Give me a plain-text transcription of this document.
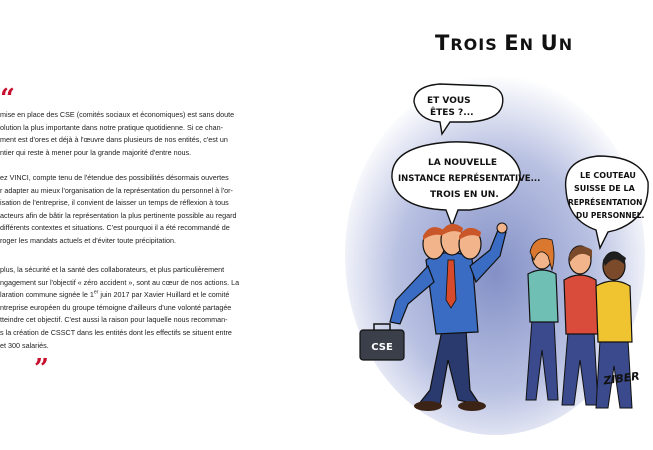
“

mise en place des CSE (comités sociaux et économiques) est sans doute
olution la plus importante dans notre pratique quotidienne. Si ce chan-
ment est d'ores et déjà à l'œuvre dans plusieurs de nos entités, c'est un
ntier qui reste à mener pour la grande majorité d'entre nous.

ez VINCI, compte tenu de l'étendue des possibilités désormais ouvertes
r adapter au mieux l'organisation de la représentation du personnel à l'or-
isation de l'entreprise, il convient de laisser un temps de réflexion à tous
acteurs afin de bâtir la représentation la plus pertinente possible au regard
différents contextes et situations. C'est pourquoi il a été recommandé de
roger les mandats actuels et d'éviter toute précipitation.

plus, la sécurité et la santé des collaborateurs, et plus particulièrement
ngagement sur l'objectif « zéro accident », sont au cœur de nos actions. La
laration commune signée le 1er juin 2017 par Xavier Huillard et le comité
ntreprise européen du groupe témoigne d'ailleurs d'une volonté partagée
tteindre cet objectif. C'est aussi la raison pour laquelle nous recomman-
s la création de CSSCT dans les entités dont les effectifs se situent entre
et 300 salariés.

”
TROIS EN UN
ET VOUS
ÊTES ?...
LA NOUVELLE
INSTANCE REPRÉSENTATIVE...
TROIS EN UN.
LE COUTEAU
SUISSE DE LA
REPRÉSENTATION
DU PERSONNEL.
CSE
ZIBER
